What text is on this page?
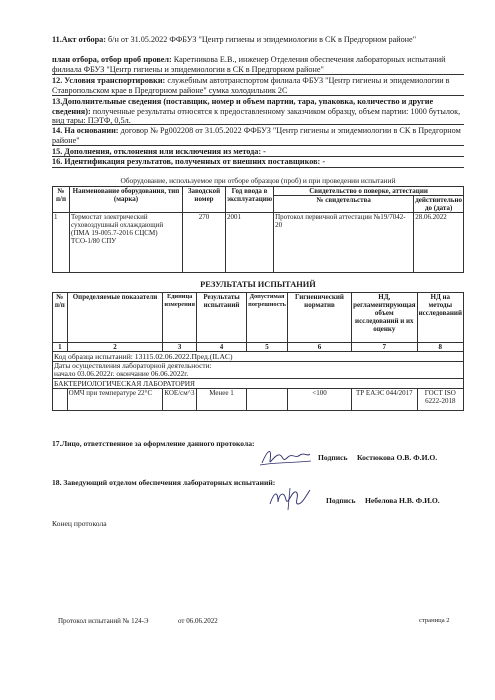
11.Акт отбора: б/н от 31.05.2022 ФФБУЗ "Центр гигиены и эпидемиологии в СК в Предгорном районе"
план отбора, отбор проб провел: Каретникова Е.В., инженер Отделения обеспечения лабораторных испытаний филиала ФБУЗ "Центр гигиены и эпидемиологии в СК в Предгорном районе"
12. Условия транспортировки: служебным автотранспортом филиала ФБУЗ "Центр гигиены и эпидемиологии в Ставропольском крае в Предгорном районе" сумка холодильник 2С
13.Дополнительные сведения (поставщик, номер и объем партии, тара, упаковка, количество и другие сведения): полученные результаты относятся к предоставленному заказчиком образцу, объем партии: 1000 бутылок, вид тары: ПЭТФ, 0,5л.
14. На основании: договор № Рg002208 от 31.05.2022 ФФБУЗ "Центр гигиены и эпидемиологии в СК в Предгорном районе"
15. Дополнения, отклонения или исключения из метода: -
16. Идентификация результатов, полученных от внешних поставщиков: -
Оборудование, используемое при отборе образцов (проб) и при проведении испытаний
№ п/п	Наименование оборудования, тип (марка)	Заводской номер	Год ввода в эксплуатацию	Свидетельство о поверке, аттестации	
				№ свидетельства	действительно до (дата)
1	Термостат электрический суховоздушный охлаждающий (ПМА 19-005.7-2016 СЦСМ) ТСО-1/80 СПУ	270	2001	Протокол первичной аттестации №19/7042-20	28.06.2022
РЕЗУЛЬТАТЫ ИСПЫТАНИЙ
№ п/п	Определяемые показатели	Единица измерения	Результаты испытаний	Допустимая погрешность	Гигиенический норматив	НД, регламентирующая объем исследований и их оценку	НД на методы исследований
1	2	3	4	5	6	7	8
Код образца испытаний: 13115.02.06.2022.Пред.(ILAC)							

Даты осуществления лабораторной деятельности:
начало 03.06.2022г. окончание 06.06.2022г.							

БАКТЕРИОЛОГИЧЕСКАЯ ЛАБОРАТОРИЯ							
	ОМЧ при температуре 22°С	КОЕ/см^3	Менее 1		<100	ТР ЕАЭС 044/2017	ГОСТ ISO 6222-2018
17.Лицо, ответственное за оформление данного протокола:
Подпись Костюкова О.В. Ф.И.О.
18. Заведующий отделом обеспечения лабораторных испытаний:
Подпись Небелова Н.В. Ф.И.О.
Конец протокола
Протокол испытаний № 124-Э	от 06.06.2022	страница 2
